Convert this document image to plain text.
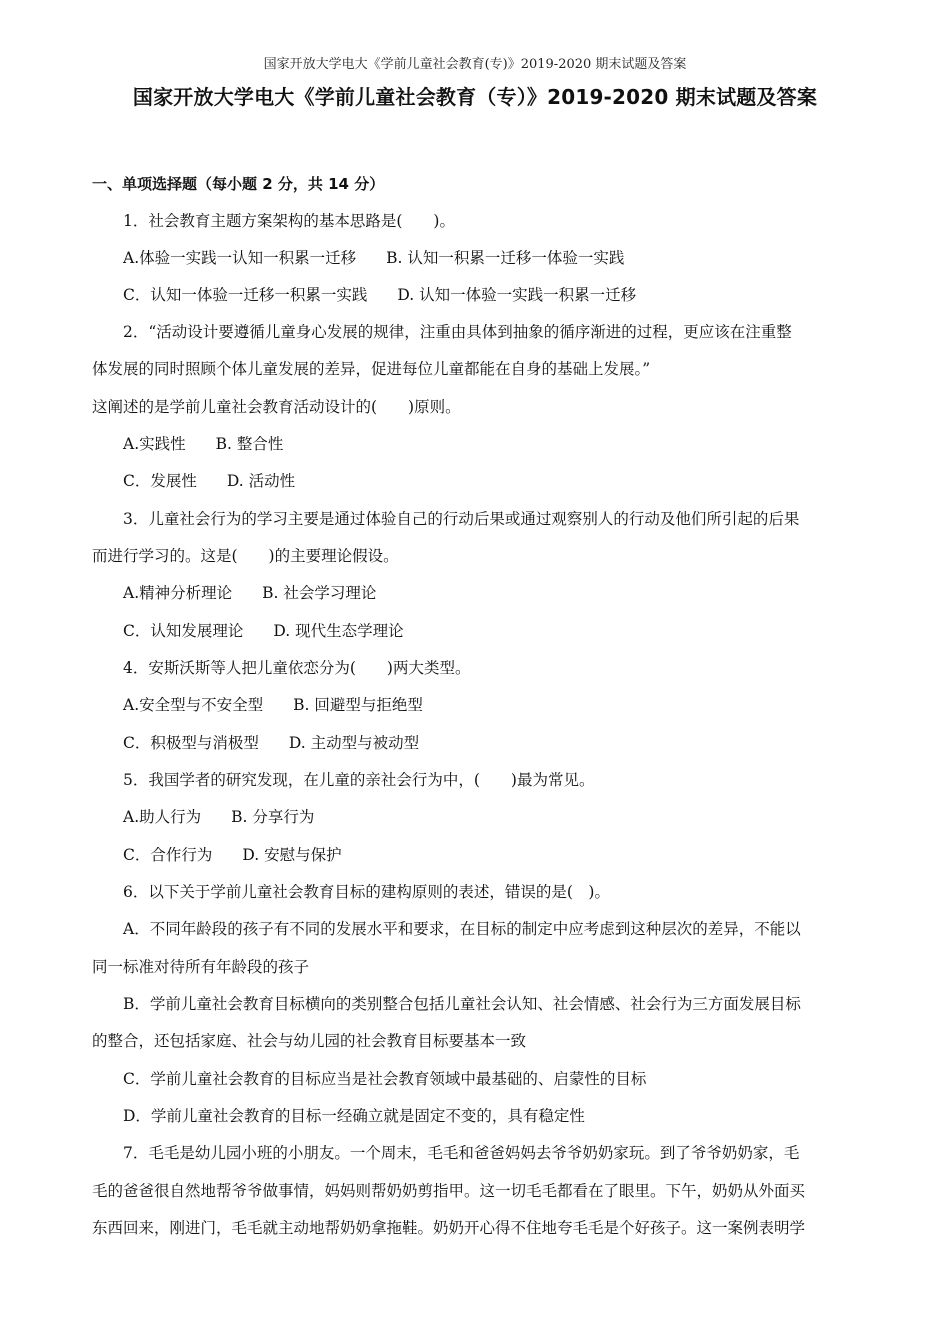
国家开放大学电大《学前儿童社会教育(专)》2019-2020 期末试题及答案
国家开放大学电大《学前儿童社会教育（专）》2019-2020 期末试题及答案
一、单项选择题（每小题 2 分，共 14 分）
1．社会教育主题方案架构的基本思路是(　　)。
A.体验一实践一认知一积累一迁移 B. 认知一积累一迁移一体验一实践
C．认知一体验一迁移一积累一实践 D. 认知一体验一实践一积累一迁移
2．“活动设计要遵循儿童身心发展的规律，注重由具体到抽象的循序渐进的过程，更应该在注重整
体发展的同时照顾个体儿童发展的差异，促进每位儿童都能在自身的基础上发展。”
这阐述的是学前儿童社会教育活动设计的(　　)原则。
A.实践性 B. 整合性
C．发展性 D. 活动性
3．儿童社会行为的学习主要是通过体验自己的行动后果或通过观察别人的行动及他们所引起的后果
而进行学习的。这是(　　)的主要理论假设。
A.精神分析理论 B. 社会学习理论
C．认知发展理论 D. 现代生态学理论
4．安斯沃斯等人把儿童依恋分为(　　)两大类型。
A.安全型与不安全型 B. 回避型与拒绝型
C．积极型与消极型 D. 主动型与被动型
5．我国学者的研究发现，在儿童的亲社会行为中，(　　)最为常见。
A.助人行为 B. 分享行为
C．合作行为 D. 安慰与保护
6．以下关于学前儿童社会教育目标的建构原则的表述，错误的是(　)。
A．不同年龄段的孩子有不同的发展水平和要求，在目标的制定中应考虑到这种层次的差异，不能以
同一标准对待所有年龄段的孩子
B．学前儿童社会教育目标横向的类别整合包括儿童社会认知、社会情感、社会行为三方面发展目标
的整合，还包括家庭、社会与幼儿园的社会教育目标要基本一致
C．学前儿童社会教育的目标应当是社会教育领域中最基础的、启蒙性的目标
D．学前儿童社会教育的目标一经确立就是固定不变的，具有稳定性
7．毛毛是幼儿园小班的小朋友。一个周末，毛毛和爸爸妈妈去爷爷奶奶家玩。到了爷爷奶奶家，毛
毛的爸爸很自然地帮爷爷做事情，妈妈则帮奶奶剪指甲。这一切毛毛都看在了眼里。下午，奶奶从外面买
东西回来，刚进门，毛毛就主动地帮奶奶拿拖鞋。奶奶开心得不住地夸毛毛是个好孩子。这一案例表明学
